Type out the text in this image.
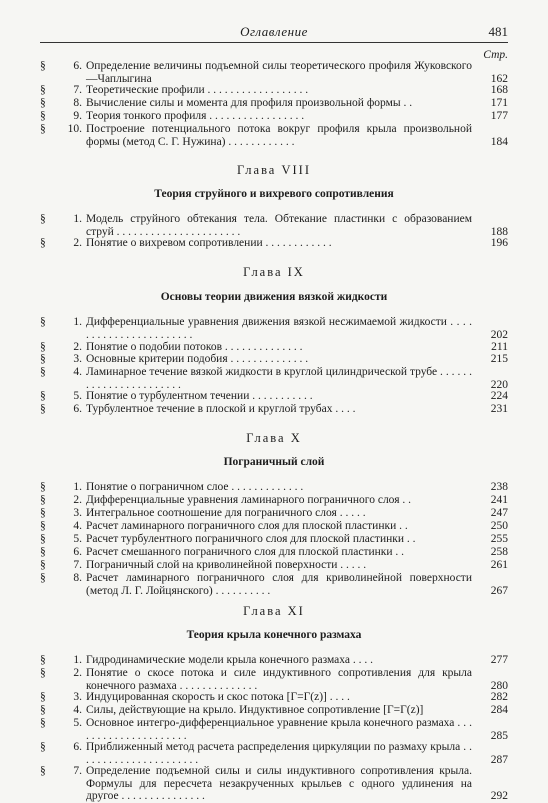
Оглавление	481
Стр.
§	6. Определение величины подъемной силы теоретического профиля Жуковского—Чаплыгина	162
§	7. Теоретические профили . . . . . . . . . . . . . . . . . .	168
§	8. Вычисление силы и момента для профиля произвольной формы . .	171
§	9. Теория тонкого профиля . . . . . . . . . . . . . . . . .	177
§	10. Построение потенциального потока вокруг профиля крыла произвольной формы (метод С. Г. Нужина) . . . . . . . . . . . .	184
Глава VIII
Теория струйного и вихревого сопротивления
§	1. Модель струйного обтекания тела. Обтекание пластинки с образованием струй . . . . . . . . . . . . . . . . . . . . . .	188
§	2. Понятие о вихревом сопротивлении . . . . . . . . . . . .	196
Глава IX
Основы теории движения вязкой жидкости
§	1. Дифференциальные уравнения движения вязкой несжимаемой жидкости . . . . . . . . . . . . . . . . . . . . . . .	202
§	2. Понятие о подобии потоков . . . . . . . . . . . . . .	211
§	3. Основные критерии подобия . . . . . . . . . . . . . .	215
§	4. Ламинарное течение вязкой жидкости в круглой цилиндрической трубе . . . . . . . . . . . . . . . . . . . . . . .	220
§	5. Понятие о турбулентном течении . . . . . . . . . . .	224
§	6. Турбулентное течение в плоской и круглой трубах . . . .	231
Глава X
Пограничный слой
§	1. Понятие о пограничном слое . . . . . . . . . . . . .	238
§	2. Дифференциальные уравнения ламинарного пограничного слоя . .	241
§	3. Интегральное соотношение для пограничного слоя . . . . .	247
§	4. Расчет ламинарного пограничного слоя для плоской пластинки . .	250
§	5. Расчет турбулентного пограничного слоя для плоской пластинки . .	255
§	6. Расчет смешанного пограничного слоя для плоской пластинки . .	258
§	7. Пограничный слой на криволинейной поверхности . . . . .	261
§	8. Расчет ламинарного пограничного слоя для криволинейной поверхности (метод Л. Г. Лойцянского) . . . . . . . . . .	267
Глава XI
Теория крыла конечного размаха
§	1. Гидродинамические модели крыла конечного размаха . . . .	277
§	2. Понятие о скосе потока и силе индуктивного сопротивления для крыла конечного размаха . . . . . . . . . . . . . .	280
§	3. Индуцированная скорость и скос потока [Γ=Γ(z)] . . . .	282
§	4. Силы, действующие на крыло. Индуктивное сопротивление [Γ=Γ(z)]	284
§	5. Основное интегро-дифференциальное уравнение крыла конечного размаха . . . . . . . . . . . . . . . . . . . . .	285
§	6. Приближенный метод расчета распределения циркуляции по размаху крыла . . . . . . . . . . . . . . . . . . . . . .	287
§	7. Определение подъемной силы и силы индуктивного сопротивления крыла. Формулы для пересчета незакрученных крыльев с одного удлинения на другое . . . . . . . . . . . . . . .	292
